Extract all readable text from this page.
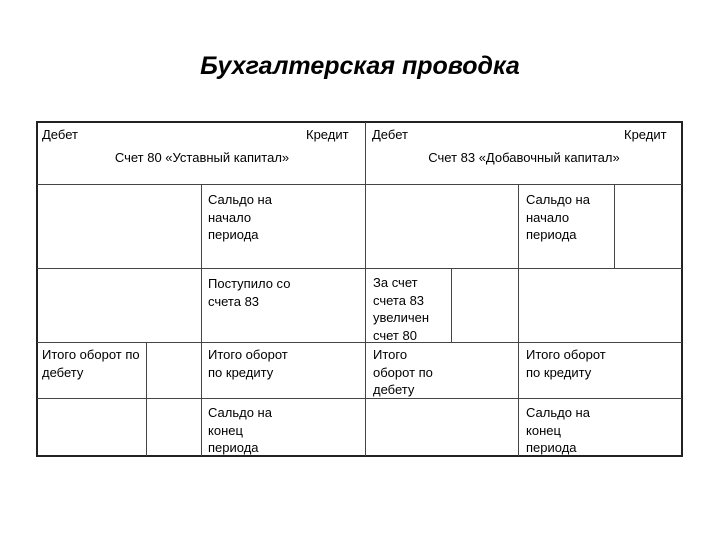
Бухгалтерская проводка
Дебет	Кредит
Счет 80 «Уставный капитал»
Дебет	Кредит
Счет 83 «Добавочный капитал»
Сальдо на начало периода
Поступило со счета 83
Итого оборот по дебету
Итого оборот по кредиту
Сальдо на конец периода
Сальдо на начало периода
За счет счета 83 увеличен счет 80
Итого оборот по дебету
Итого оборот по кредиту
Сальдо на конец периода
